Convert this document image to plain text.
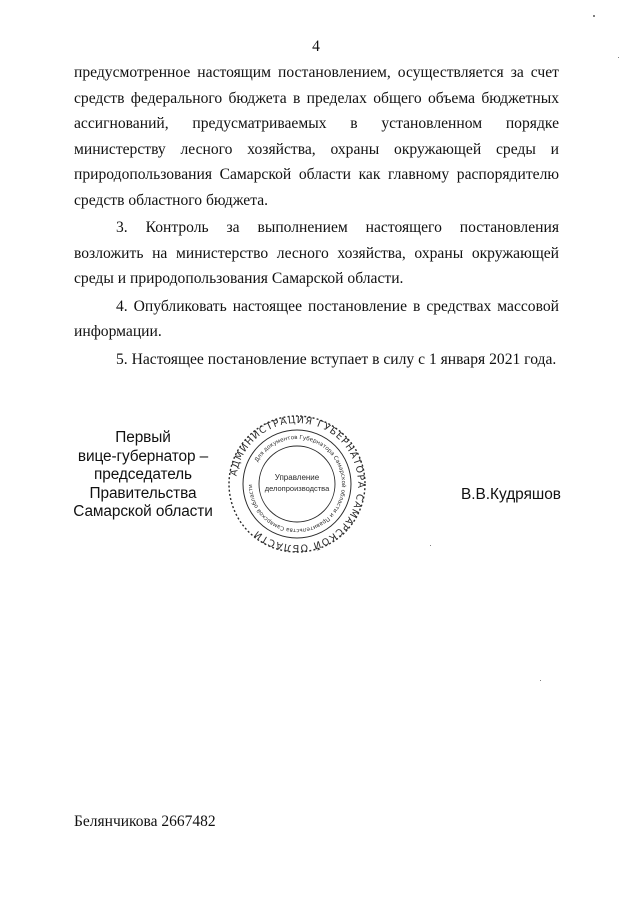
4

предусмотренное настоящим постановлением, осуществляется за счет средств федерального бюджета в пределах общего объема бюджетных ассигнований, предусматриваемых в установленном порядке министерству лесного хозяйства, охраны окружающей среды и природопользования Самарской области как главному распорядителю средств областного бюджета.

3. Контроль за выполнением настоящего постановления возложить на министерство лесного хозяйства, охраны окружающей среды и природопользования Самарской области.

4. Опубликовать настоящее постановление в средствах массовой информации.

5. Настоящее постановление вступает в силу с 1 января 2021 года.

Первый
вице-губернатор –
председатель Правительства
Самарской области
АДМИНИСТРАЦИЯ ГУБЕРНАТОРА САМАРСКОЙ ОБЛАСТИ
Для документов Губернатора Самарской области и Правительства Самарской области
Управление
делопроизводства	В.В.Кудряшов
Белянчикова 2667482
